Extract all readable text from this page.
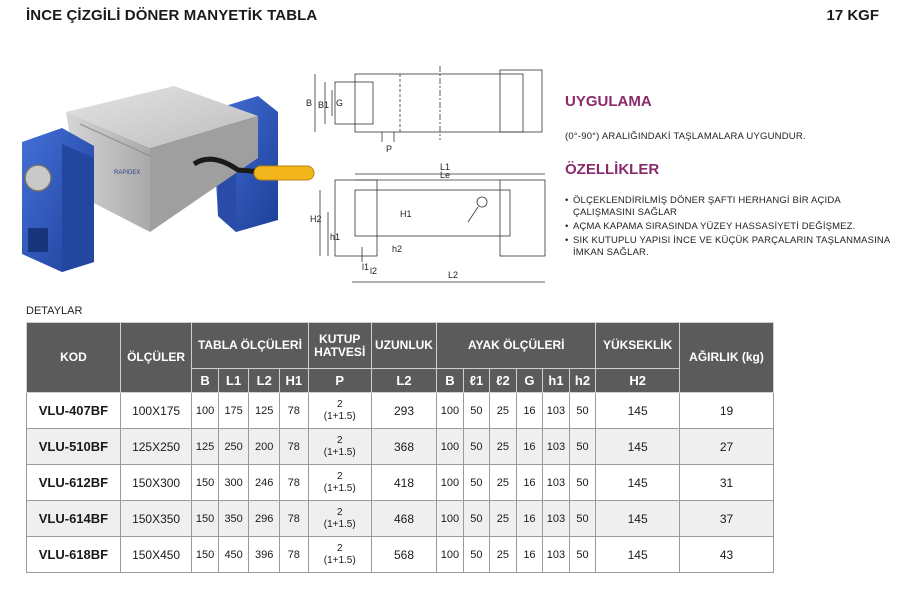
İNCE ÇİZGİLİ DÖNER MANYETİK TABLA	17 KGF
RAPIDEX
B B1 G
P
L1
Le
H2	H1
h1
h2
l1 l2	L2
UYGULAMA
(0°-90°) ARALIĞINDAKİ TAŞLAMALARA UYGUNDUR.
ÖZELLİKLER
• ÖLÇEKLENDİRİLMİŞ DÖNER ŞAFTI HERHANGİ BİR AÇIDA ÇALIŞMASINI SAĞLAR
• AÇMA KAPAMA SIRASINDA YÜZEY HASSASİYETİ DEĞİŞMEZ.
• SIK KUTUPLU YAPISI İNCE VE KÜÇÜK PARÇALARIN TAŞLANMASINA İMKAN SAĞLAR.
DETAYLAR
KOD	ÖLÇÜLER	TABLA ÖLÇÜLERİ				KUTUP HATVESİ	UZUNLUK	AYAK ÖLÇÜLERİ						YÜKSEKLİK	AĞIRLIK (kg)
		B	L1	L2	H1	P	L2	B	ℓ1	ℓ2	G	h1	h2	H2	
VLU-407BF	100X175	100	175	125	78	2
(1+1.5)	293	100	50	25	16	103	50	145	19
VLU-510BF	125X250	125	250	200	78	2
(1+1.5)	368	100	50	25	16	103	50	145	27
VLU-612BF	150X300	150	300	246	78	2
(1+1.5)	418	100	50	25	16	103	50	145	31
VLU-614BF	150X350	150	350	296	78	2
(1+1.5)	468	100	50	25	16	103	50	145	37
VLU-618BF	150X450	150	450	396	78	2
(1+1.5)	568	100	50	25	16	103	50	145	43
